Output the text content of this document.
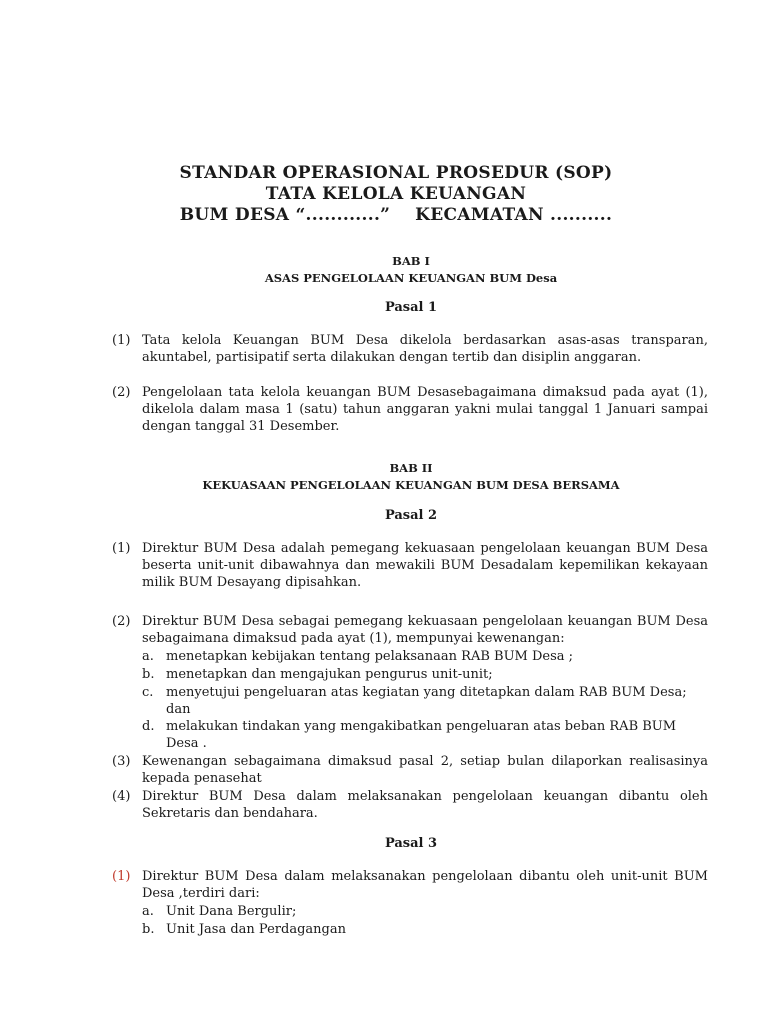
STANDAR OPERASIONAL PROSEDUR (SOP)
TATA KELOLA KEUANGAN
BUM DESA “............”    KECAMATAN ..........
BAB I
ASAS PENGELOLAAN KEUANGAN BUM Desa
Pasal 1
(1) Tata kelola Keuangan BUM Desa dikelola berdasarkan asas-asas transparan, akuntabel, partisipatif serta dilakukan dengan tertib dan disiplin anggaran.
(2) Pengelolaan tata kelola keuangan BUM Desasebagaimana dimaksud pada ayat (1), dikelola dalam masa 1 (satu) tahun anggaran yakni mulai tanggal 1 Januari sampai dengan tanggal 31 Desember.
BAB II
KEKUASAAN PENGELOLAAN KEUANGAN BUM DESA BERSAMA
Pasal 2
(1) Direktur BUM Desa adalah pemegang kekuasaan pengelolaan keuangan BUM Desa beserta unit-unit dibawahnya dan mewakili BUM Desadalam kepemilikan kekayaan milik BUM Desayang dipisahkan.
(2) Direktur BUM Desa sebagai pemegang kekuasaan pengelolaan keuangan BUM Desa sebagaimana dimaksud pada ayat (1), mempunyai kewenangan:
a. menetapkan kebijakan tentang pelaksanaan RAB BUM Desa ;
b. menetapkan dan mengajukan pengurus unit-unit;
c. menyetujui pengeluaran atas kegiatan yang ditetapkan dalam RAB BUM Desa; dan
d. melakukan tindakan yang mengakibatkan pengeluaran atas beban RAB BUM Desa .
(3) Kewenangan sebagaimana dimaksud pasal 2, setiap bulan dilaporkan realisasinya kepada penasehat
(4) Direktur BUM Desa dalam melaksanakan pengelolaan keuangan dibantu oleh Sekretaris dan bendahara.
Pasal 3
(1) Direktur BUM Desa dalam melaksanakan pengelolaan dibantu oleh unit-unit BUM Desa ,terdiri dari:
a. Unit Dana Bergulir;
b. Unit Jasa dan Perdagangan
